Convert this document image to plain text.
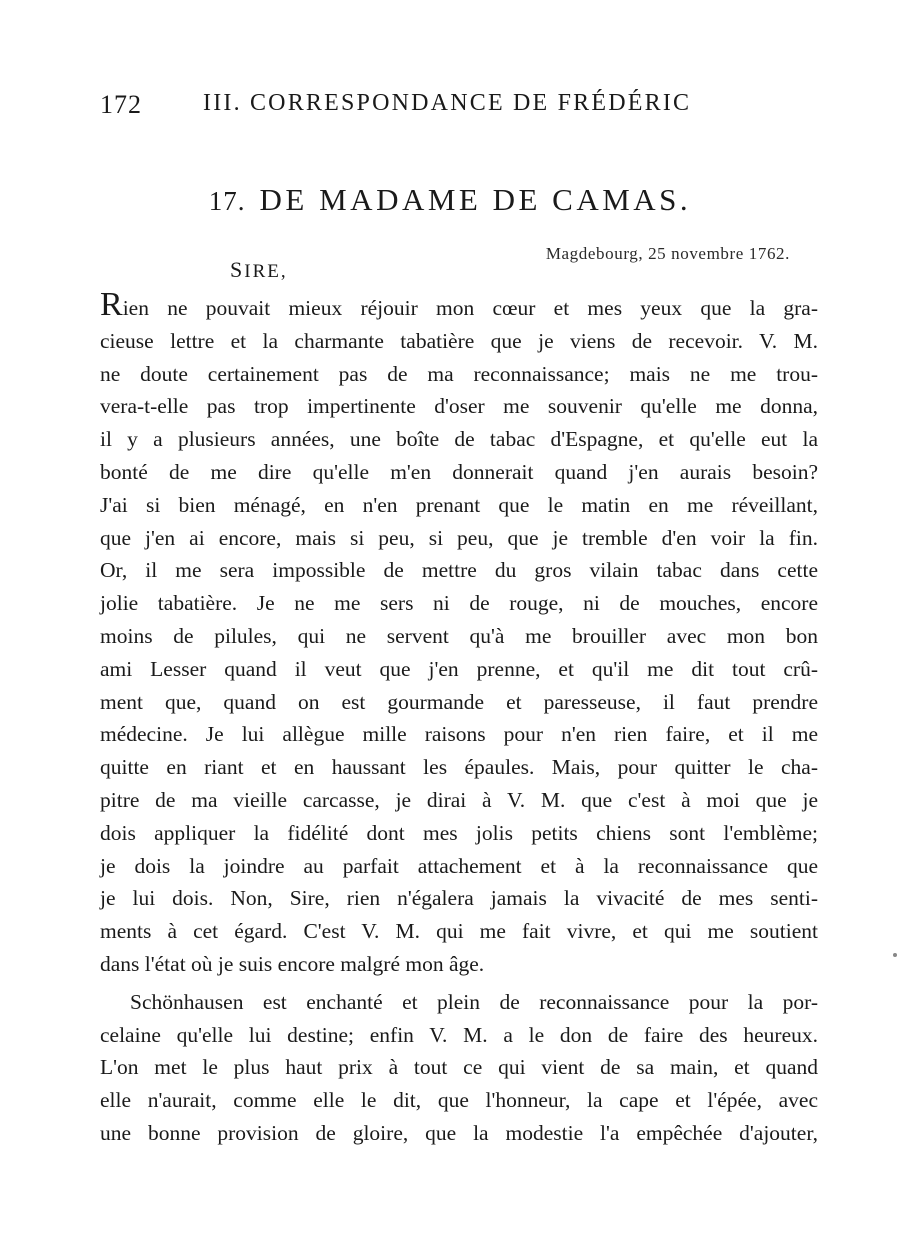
172	III. CORRESPONDANCE DE FRÉDÉRIC
17. DE MADAME DE CAMAS.
Magdebourg, 25 novembre 1762.
SIRE,
Rien ne pouvait mieux réjouir mon cœur et mes yeux que la gra-
cieuse lettre et la charmante tabatière que je viens de recevoir. V. M.
ne doute certainement pas de ma reconnaissance; mais ne me trou-
vera-t-elle pas trop impertinente d'oser me souvenir qu'elle me donna,
il y a plusieurs années, une boîte de tabac d'Espagne, et qu'elle eut la
bonté de me dire qu'elle m'en donnerait quand j'en aurais besoin?
J'ai si bien ménagé, en n'en prenant que le matin en me réveillant,
que j'en ai encore, mais si peu, si peu, que je tremble d'en voir la fin.
Or, il me sera impossible de mettre du gros vilain tabac dans cette
jolie tabatière. Je ne me sers ni de rouge, ni de mouches, encore
moins de pilules, qui ne servent qu'à me brouiller avec mon bon
ami Lesser quand il veut que j'en prenne, et qu'il me dit tout crû-
ment que, quand on est gourmande et paresseuse, il faut prendre
médecine. Je lui allègue mille raisons pour n'en rien faire, et il me
quitte en riant et en haussant les épaules. Mais, pour quitter le cha-
pitre de ma vieille carcasse, je dirai à V. M. que c'est à moi que je
dois appliquer la fidélité dont mes jolis petits chiens sont l'emblème;
je dois la joindre au parfait attachement et à la reconnaissance que
je lui dois. Non, Sire, rien n'égalera jamais la vivacité de mes senti-
ments à cet égard. C'est V. M. qui me fait vivre, et qui me soutient
dans l'état où je suis encore malgré mon âge.
Schönhausen est enchanté et plein de reconnaissance pour la por-
celaine qu'elle lui destine; enfin V. M. a le don de faire des heureux.
L'on met le plus haut prix à tout ce qui vient de sa main, et quand
elle n'aurait, comme elle le dit, que l'honneur, la cape et l'épée, avec
une bonne provision de gloire, que la modestie l'a empêchée d'ajouter,
